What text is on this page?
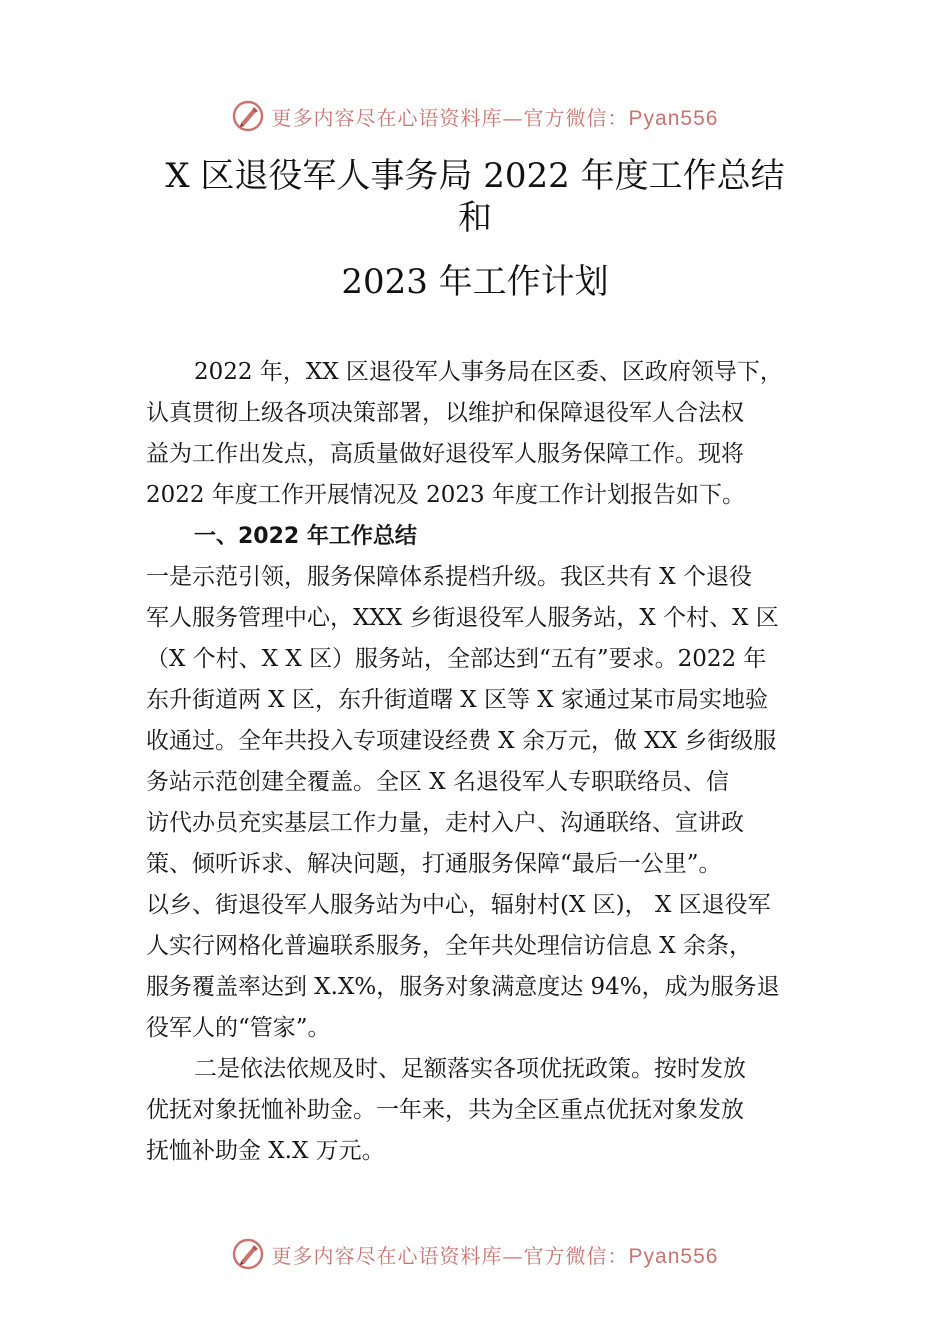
更多内容尽在心语资料库—官方微信：Pyan556
X 区退役军人事务局 2022 年度工作总结
和
2023 年工作计划
2022 年，XX 区退役军人事务局在区委、区政府领导下，
认真贯彻上级各项决策部署，以维护和保障退役军人合法权
益为工作出发点，高质量做好退役军人服务保障工作。现将
2022 年度工作开展情况及 2023 年度工作计划报告如下。
一、2022 年工作总结
一是示范引领，服务保障体系提档升级。我区共有 X 个退役
军人服务管理中心，XXX 乡街退役军人服务站，X 个村、X 区
（X 个村、X X 区）服务站，全部达到“五有”要求。2022 年
东升街道两 X 区，东升街道曙 X 区等 X 家通过某市局实地验
收通过。全年共投入专项建设经费 X 余万元，做 XX 乡街级服
务站示范创建全覆盖。全区 X 名退役军人专职联络员、信
访代办员充实基层工作力量，走村入户、沟通联络、宣讲政
策、倾听诉求、解决问题，打通服务保障“最后一公里”。
以乡、街退役军人服务站为中心，辐射村(X 区)， X 区退役军
人实行网格化普遍联系服务，全年共处理信访信息 X 余条，
服务覆盖率达到 X.X%，服务对象满意度达 94%，成为服务退
役军人的“管家”。
二是依法依规及时、足额落实各项优抚政策。按时发放
优抚对象抚恤补助金。一年来，共为全区重点优抚对象发放
抚恤补助金 X.X 万元。
更多内容尽在心语资料库—官方微信：Pyan556
